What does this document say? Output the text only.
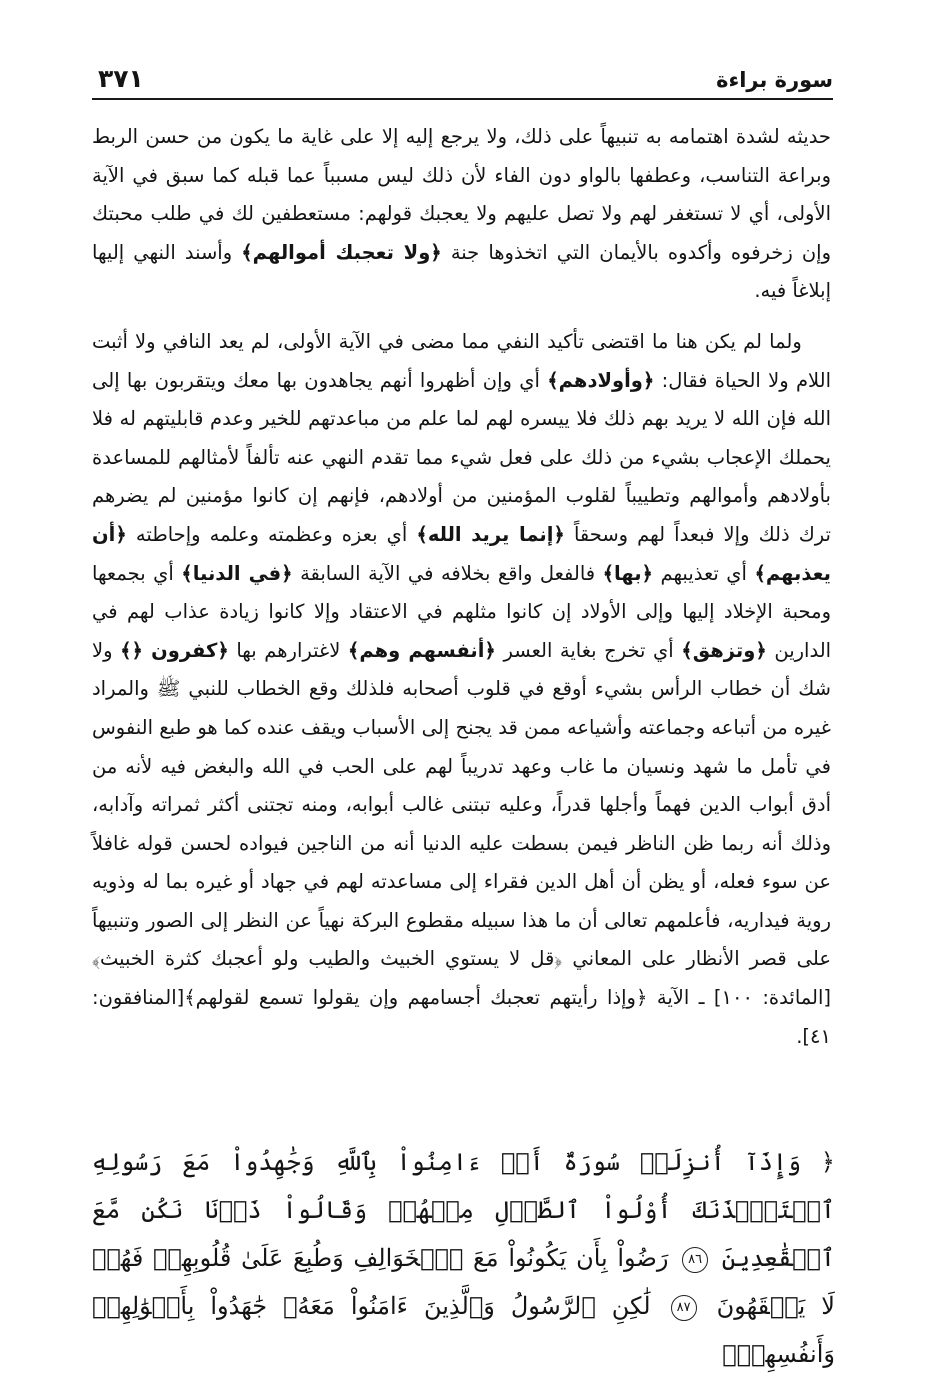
سورة براءة
٣٧١

حديثه لشدة اهتمامه به تنبيهاً على ذلك، ولا يرجع إليه إلا على غاية ما يكون من حسن الربط وبراعة التناسب، وعطفها بالواو دون الفاء لأن ذلك ليس مسبباً عما قبله كما سبق في الآية الأولى، أي لا تستغفر لهم ولا تصل عليهم ولا يعجبك قولهم: مستعطفين لك في طلب محبتك وإن زخرفوه وأكدوه بالأيمان التي اتخذوها جنة ﴿ولا تعجبك أموالهم﴾ وأسند النهي إليها إبلاغاً فيه.

  ولما لم يكن هنا ما اقتضى تأكيد النفي مما مضى في الآية الأولى، لم يعد النافي ولا أثبت اللام ولا الحياة فقال: ﴿وأولادهم﴾ أي وإن أظهروا أنهم يجاهدون بها معك ويتقربون بها إلى الله فإن الله لا يريد بهم ذلك فلا ييسره لهم لما علم من مباعدتهم للخير وعدم قابليتهم له فلا يحملك الإعجاب بشيء من ذلك على فعل شيء مما تقدم النهي عنه تألفاً لأمثالهم للمساعدة بأولادهم وأموالهم وتطييباً لقلوب المؤمنين من أولادهم، فإنهم إن كانوا مؤمنين لم يضرهم ترك ذلك وإلا فبعداً لهم وسحقاً ﴿إنما يريد الله﴾ أي بعزه وعظمته وعلمه وإحاطته ﴿أن يعذبهم﴾ أي تعذيبهم ﴿بها﴾ فالفعل واقع بخلافه في الآية السابقة ﴿في الدنيا﴾ أي بجمعها ومحبة الإخلاد إليها وإلى الأولاد إن كانوا مثلهم في الاعتقاد وإلا كانوا زيادة عذاب لهم في الدارين ﴿وتزهق﴾ أي تخرج بغاية العسر ﴿أنفسهم وهم﴾ لاغترارهم بها ﴿كفرون ﴿﴾ ولا شك أن خطاب الرأس بشيء أوقع في قلوب أصحابه فلذلك وقع الخطاب للنبي ﷺ والمراد غيره من أتباعه وجماعته وأشياعه ممن قد يجنح إلى الأسباب ويقف عنده كما هو طبع النفوس في تأمل ما شهد ونسيان ما غاب وعهد تدريباً لهم على الحب في الله والبغض فيه لأنه من أدق أبواب الدين فهماً وأجلها قدراً، وعليه تبتنى غالب أبوابه، ومنه تجتنى أكثر ثمراته وآدابه، وذلك أنه ربما ظن الناظر فيمن بسطت عليه الدنيا أنه من الناجين فيواده لحسن قوله غافلاً عن سوء فعله، أو يظن أن أهل الدين فقراء إلى مساعدته لهم في جهاد أو غيره بما له وذويه روية فيداريه، فأعلمهم تعالى أن ما هذا سبيله مقطوع البركة نهياً عن النظر إلى الصور وتنبيهاً على قصر الأنظار على المعاني ﴿قل لا يستوي الخبيث والطيب ولو أعجبك كثرة الخبيث﴾ [المائدة: ١٠٠] ـ الآية ﴿وإذا رأيتهم تعجبك أجسامهم وإن يقولوا تسمع لقولهم﴾[المنافقون: ٤١].

﴿ وَإِذَآ أُنزِلَتۡ سُورَةٌ أَنۡ ءَامِنُواْ بِٱللَّهِ وَجَٰهِدُواْ مَعَ رَسُولِهِ ٱسۡتَـٔۡذَنَكَ أُوْلُواْ ٱلطَّوۡلِ مِنۡهُمۡ وَقَالُواْ ذَرۡنَا نَكُن مَّعَ ٱلۡقَٰعِدِينَ ٨٦ رَضُواْ بِأَن يَكُونُواْ مَعَ ٱلۡخَوَالِفِ وَطُبِعَ عَلَىٰ قُلُوبِهِمۡ فَهُمۡ لَا يَفۡقَهُونَ ٨٧ لَٰكِنِ ٱلرَّسُولُ وَٱلَّذِينَ ءَامَنُواْ مَعَهُۥ جَٰهَدُواْ بِأَمۡوَٰلِهِمۡ وَأَنفُسِهِمۡۚ
